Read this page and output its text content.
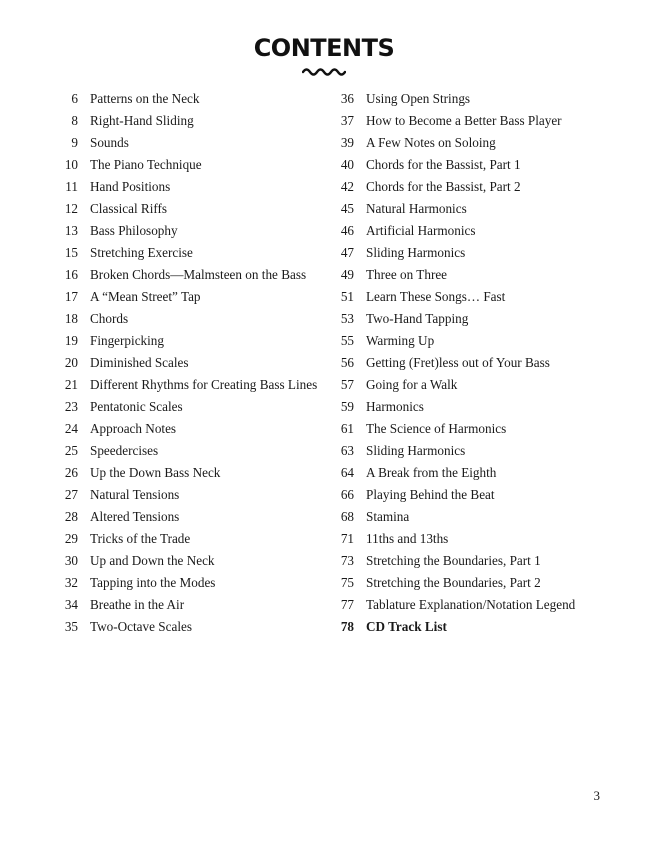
CONTENTS
6 Patterns on the Neck
8 Right-Hand Sliding
9 Sounds
10 The Piano Technique
11 Hand Positions
12 Classical Riffs
13 Bass Philosophy
15 Stretching Exercise
16 Broken Chords—Malmsteen on the Bass
17 A “Mean Street” Tap
18 Chords
19 Fingerpicking
20 Diminished Scales
21 Different Rhythms for Creating Bass Lines
23 Pentatonic Scales
24 Approach Notes
25 Speedercises
26 Up the Down Bass Neck
27 Natural Tensions
28 Altered Tensions
29 Tricks of the Trade
30 Up and Down the Neck
32 Tapping into the Modes
34 Breathe in the Air
35 Two-Octave Scales
36 Using Open Strings
37 How to Become a Better Bass Player
39 A Few Notes on Soloing
40 Chords for the Bassist, Part 1
42 Chords for the Bassist, Part 2
45 Natural Harmonics
46 Artificial Harmonics
47 Sliding Harmonics
49 Three on Three
51 Learn These Songs… Fast
53 Two-Hand Tapping
55 Warming Up
56 Getting (Fret)less out of Your Bass
57 Going for a Walk
59 Harmonics
61 The Science of Harmonics
63 Sliding Harmonics
64 A Break from the Eighth
66 Playing Behind the Beat
68 Stamina
71 11ths and 13ths
73 Stretching the Boundaries, Part 1
75 Stretching the Boundaries, Part 2
77 Tablature Explanation/Notation Legend
78 CD Track List
3
